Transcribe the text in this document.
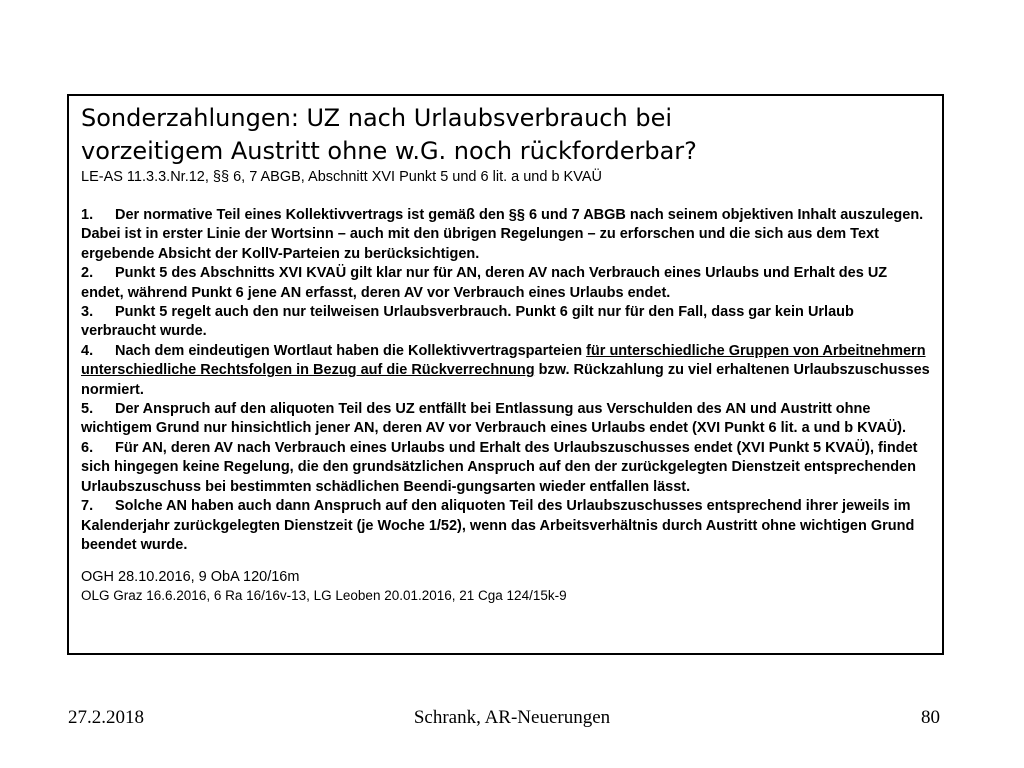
Sonderzahlungen: UZ nach Urlaubsverbrauch bei
vorzeitigem Austritt ohne w.G. noch rückforderbar?

LE-AS 11.3.3.Nr.12, §§ 6, 7 ABGB, Abschnitt XVI Punkt 5 und 6 lit. a und b KVAÜ

1. Der normative Teil eines Kollektivvertrags ist gemäß den §§ 6 und 7 ABGB nach seinem objektiven Inhalt auszulegen. Dabei ist in erster Linie der Wortsinn – auch mit den übrigen Regelungen – zu erforschen und die sich aus dem Text ergebende Absicht der KollV-Parteien zu berücksichtigen.
2. Punkt 5 des Abschnitts XVI KVAÜ gilt klar nur für AN, deren AV nach Verbrauch eines Urlaubs und Erhalt des UZ endet, während Punkt 6 jene AN erfasst, deren AV vor Verbrauch eines Urlaubs endet.
3. Punkt 5 regelt auch den nur teilweisen Urlaubsverbrauch. Punkt 6 gilt nur für den Fall, dass gar kein Urlaub verbraucht wurde.
4. Nach dem eindeutigen Wortlaut haben die Kollektivvertragsparteien für unterschiedliche Gruppen von Arbeitnehmern unterschiedliche Rechtsfolgen in Bezug auf die Rückverrechnung bzw. Rückzahlung zu viel erhaltenen Urlaubszuschusses normiert.
5. Der Anspruch auf den aliquoten Teil des UZ entfällt bei Entlassung aus Verschulden des AN und Austritt ohne wichtigem Grund nur hinsichtlich jener AN, deren AV vor Verbrauch eines Urlaubs endet (XVI Punkt 6 lit. a und b KVAÜ).
6. Für AN, deren AV nach Verbrauch eines Urlaubs und Erhalt des Urlaubszuschusses endet (XVI Punkt 5 KVAÜ), findet sich hingegen keine Regelung, die den grundsätzlichen Anspruch auf den der zurückgelegten Dienstzeit entsprechenden Urlaubszuschuss bei bestimmten schädlichen Beendi-gungsarten wieder entfallen lässt.
7. Solche AN haben auch dann Anspruch auf den aliquoten Teil des Urlaubszuschusses entsprechend ihrer jeweils im Kalenderjahr zurückgelegten Dienstzeit (je Woche 1/52), wenn das Arbeitsverhältnis durch Austritt ohne wichtigen Grund beendet wurde.

OGH 28.10.2016, 9 ObA 120/16m

OLG Graz 16.6.2016, 6 Ra 16/16v-13, LG Leoben 20.01.2016, 21 Cga 124/15k-9

27.2.2018	Schrank, AR-Neuerungen	80
